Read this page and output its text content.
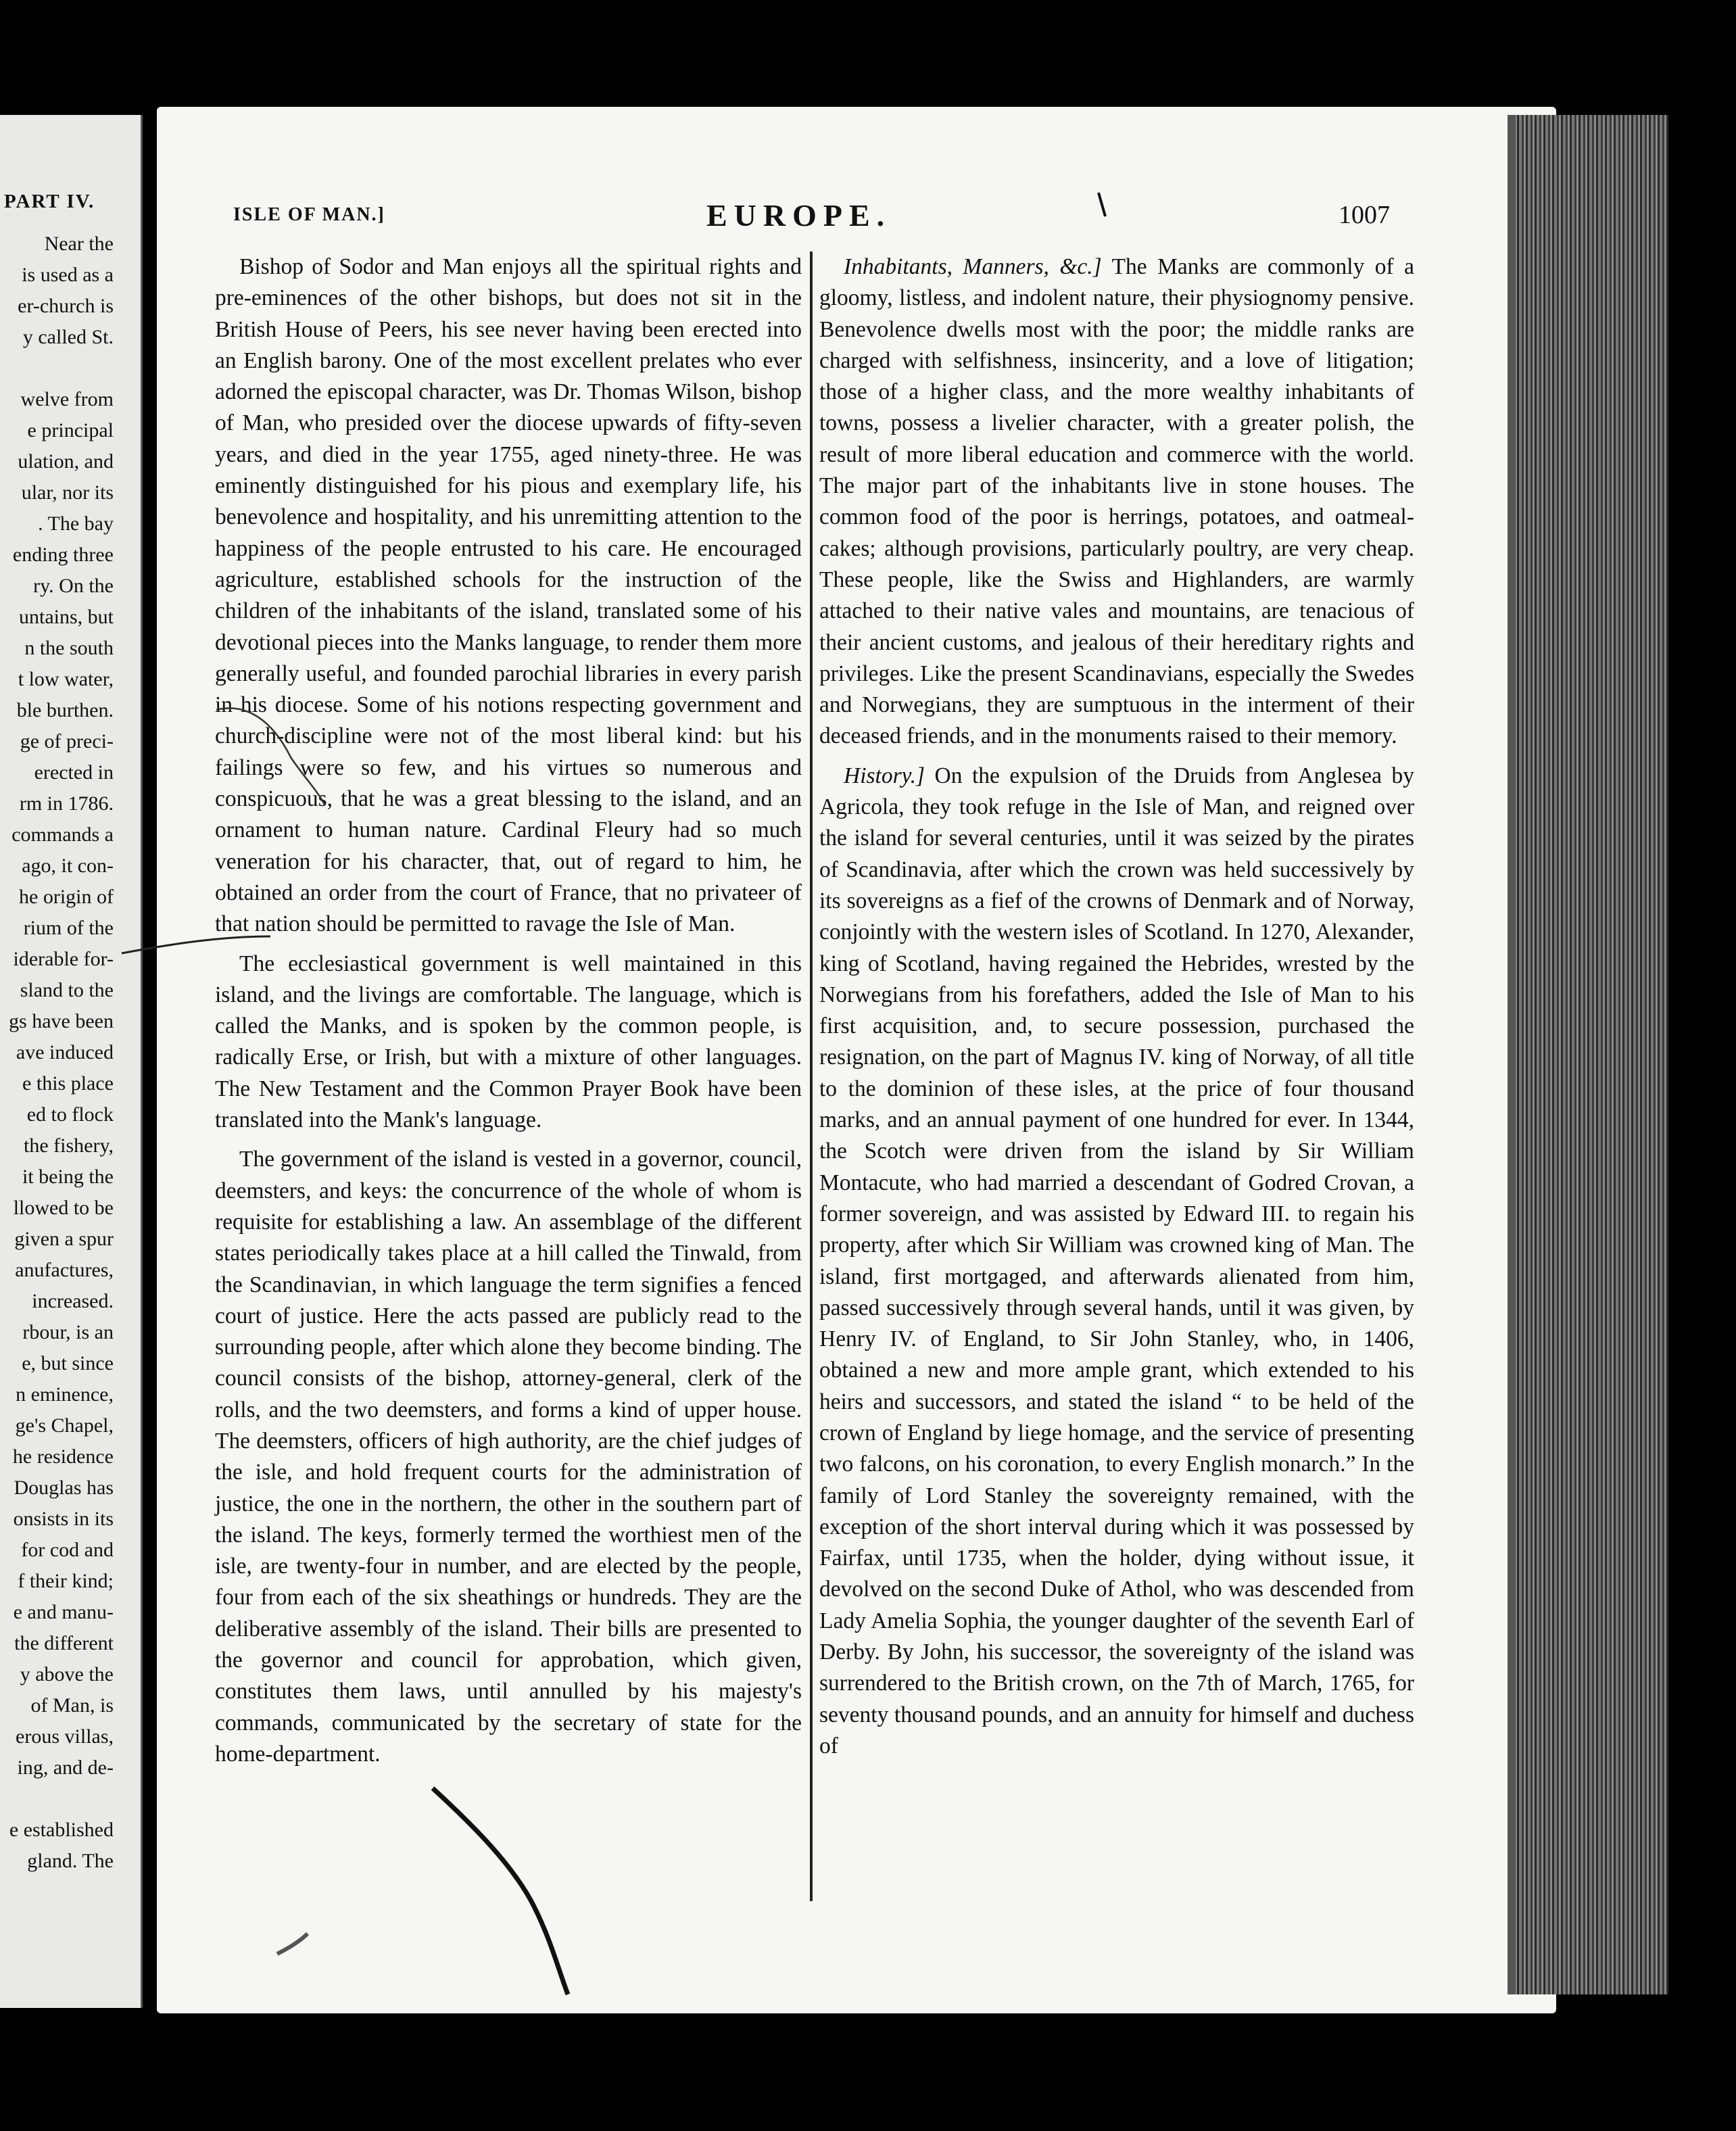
PART IV.
Near the
is used as a
er-church is
y called St.
welve from
e principal
ulation, and
ular, nor its
. The bay
ending three
ry. On the
untains, but
n the south
t low water,
ble burthen.
ge of preci-
erected in
rm in 1786.
commands a
ago, it con-
he origin of
rium of the
iderable for-
sland to the
gs have been
ave induced
e this place
ed to flock
the fishery,
it being the
llowed to be
given a spur
anufactures,
increased.
rbour, is an
e, but since
n eminence,
ge's Chapel,
he residence
Douglas has
onsists in its
for cod and
f their kind;
e and manu-
the different
y above the
of Man, is
erous villas,
ing, and de-
e established
gland. The
ISLE OF MAN.]	EUROPE.	1007

Bishop of Sodor and Man enjoys all the spiritual rights and pre-eminences of the other bishops, but does not sit in the British House of Peers, his see never having been erected into an English barony. One of the most excellent prelates who ever adorned the episcopal character, was Dr. Thomas Wilson, bishop of Man, who presided over the diocese upwards of fifty-seven years, and died in the year 1755, aged ninety-three. He was eminently distinguished for his pious and exemplary life, his benevolence and hospitality, and his unremitting attention to the happiness of the people entrusted to his care. He encouraged agriculture, established schools for the instruction of the children of the inhabitants of the island, translated some of his devotional pieces into the Manks language, to render them more generally useful, and founded parochial libraries in every parish in his diocese. Some of his notions respecting government and church-discipline were not of the most liberal kind: but his failings were so few, and his virtues so numerous and conspicuous, that he was a great blessing to the island, and an ornament to human nature. Cardinal Fleury had so much veneration for his character, that, out of regard to him, he obtained an order from the court of France, that no privateer of that nation should be permitted to ravage the Isle of Man.

The ecclesiastical government is well maintained in this island, and the livings are comfortable. The language, which is called the Manks, and is spoken by the common people, is radically Erse, or Irish, but with a mixture of other languages. The New Testament and the Common Prayer Book have been translated into the Mank's language.

The government of the island is vested in a governor, council, deemsters, and keys: the concurrence of the whole of whom is requisite for establishing a law. An assemblage of the different states periodically takes place at a hill called the Tinwald, from the Scandinavian, in which language the term signifies a fenced court of justice. Here the acts passed are publicly read to the surrounding people, after which alone they become binding. The council consists of the bishop, attorney-general, clerk of the rolls, and the two deemsters, and forms a kind of upper house. The deemsters, officers of high authority, are the chief judges of the isle, and hold frequent courts for the administration of justice, the one in the northern, the other in the southern part of the island. The keys, formerly termed the worthiest men of the isle, are twenty-four in number, and are elected by the people, four from each of the six sheathings or hundreds. They are the deliberative assembly of the island. Their bills are presented to the governor and council for approbation, which given, constitutes them laws, until annulled by his majesty's commands, communicated by the secretary of state for the home-department.

Inhabitants, Manners, &c.] The Manks are commonly of a gloomy, listless, and indolent nature, their physiognomy pensive. Benevolence dwells most with the poor; the middle ranks are charged with selfishness, insincerity, and a love of litigation; those of a higher class, and the more wealthy inhabitants of towns, possess a livelier character, with a greater polish, the result of more liberal education and commerce with the world. The major part of the inhabitants live in stone houses. The common food of the poor is herrings, potatoes, and oatmeal-cakes; although provisions, particularly poultry, are very cheap. These people, like the Swiss and Highlanders, are warmly attached to their native vales and mountains, are tenacious of their ancient customs, and jealous of their hereditary rights and privileges. Like the present Scandinavians, especially the Swedes and Norwegians, they are sumptuous in the interment of their deceased friends, and in the monuments raised to their memory.

History.] On the expulsion of the Druids from Anglesea by Agricola, they took refuge in the Isle of Man, and reigned over the island for several centuries, until it was seized by the pirates of Scandinavia, after which the crown was held successively by its sovereigns as a fief of the crowns of Denmark and of Norway, conjointly with the western isles of Scotland. In 1270, Alexander, king of Scotland, having regained the Hebrides, wrested by the Norwegians from his forefathers, added the Isle of Man to his first acquisition, and, to secure possession, purchased the resignation, on the part of Magnus IV. king of Norway, of all title to the dominion of these isles, at the price of four thousand marks, and an annual payment of one hundred for ever. In 1344, the Scotch were driven from the island by Sir William Montacute, who had married a descendant of Godred Crovan, a former sovereign, and was assisted by Edward III. to regain his property, after which Sir William was crowned king of Man. The island, first mortgaged, and afterwards alienated from him, passed successively through several hands, until it was given, by Henry IV. of England, to Sir John Stanley, who, in 1406, obtained a new and more ample grant, which extended to his heirs and successors, and stated the island “ to be held of the crown of England by liege homage, and the service of presenting two falcons, on his coronation, to every English monarch.” In the family of Lord Stanley the sovereignty remained, with the exception of the short interval during which it was possessed by Fairfax, until 1735, when the holder, dying without issue, it devolved on the second Duke of Athol, who was descended from Lady Amelia Sophia, the younger daughter of the seventh Earl of Derby. By John, his successor, the sovereignty of the island was surrendered to the British crown, on the 7th of March, 1765, for seventy thousand pounds, and an annuity for himself and duchess of
